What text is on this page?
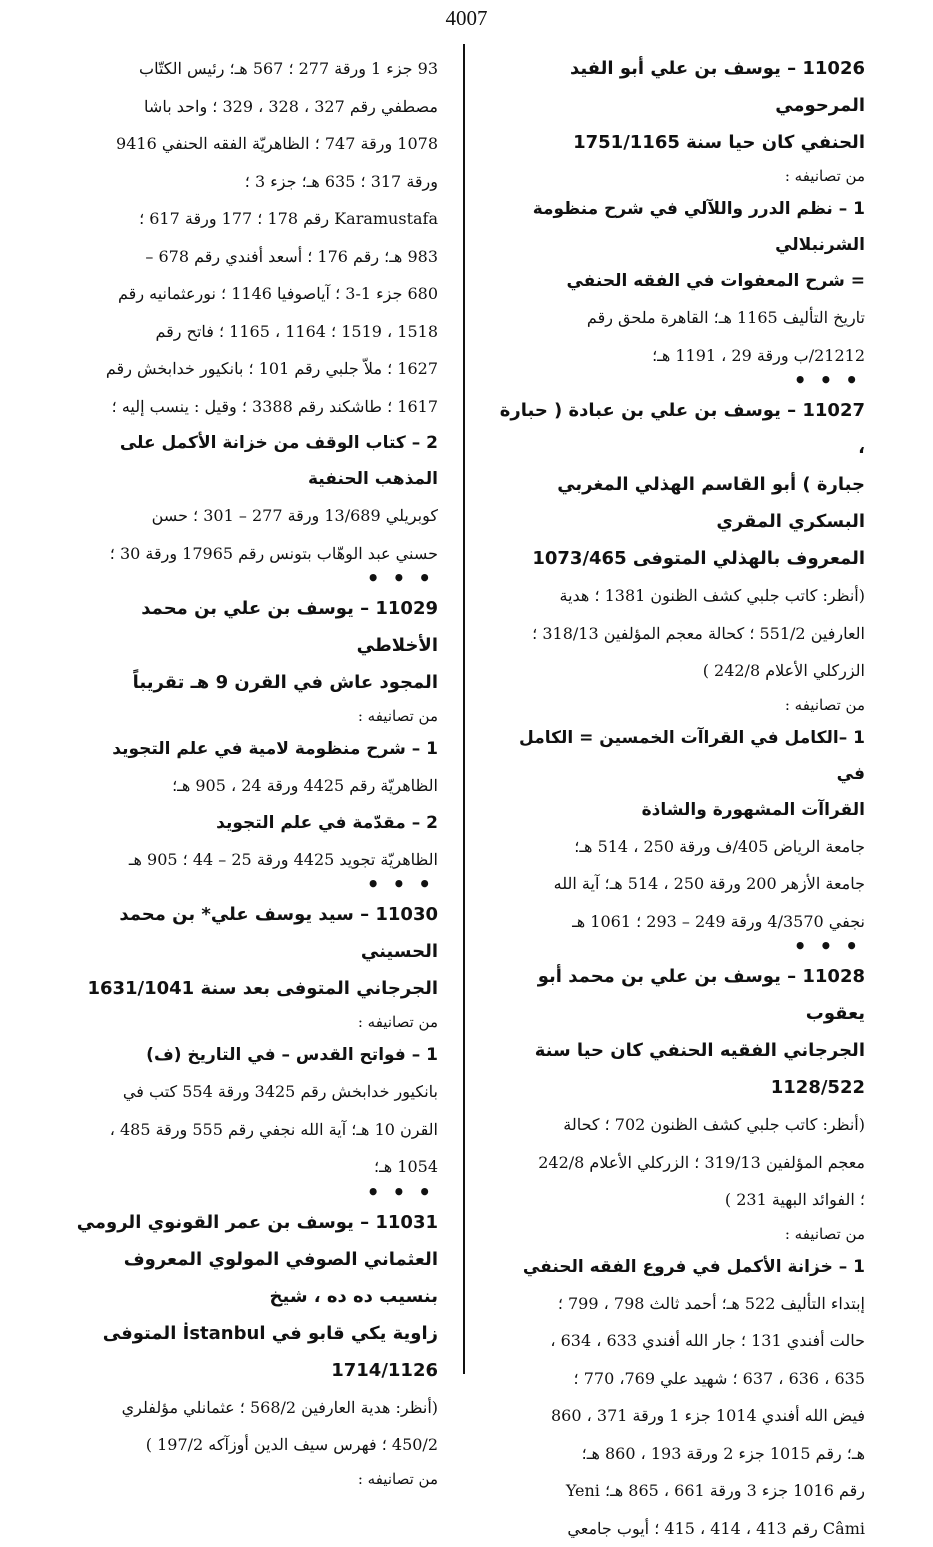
4007

11026 – يوسف بن علي أبو الفيد المرحومي

الحنفي كان حيا سنة 1751/1165

من تصانيفه :

1 – نظم الدرر واللآلي في شرح منظومة الشرنبلالي

= شرح المعفوات في الفقه الحنفي

تاريخ التأليف 1165 هـ؛ القاهرة ملحق رقم

21212/ب ورقة 29 ، 1191 هـ؛

• • •

11027 – يوسف بن علي بن عبادة ( حبارة ،

جبارة ) أبو القاسم الهذلي المغربي البسكري المقري

المعروف بالهذلي المتوفى 1073/465

(أنظر: كاتب جلبي كشف الظنون 1381 ؛ هدية

العارفين 551/2 ؛ كحالة معجم المؤلفين 318/13 ؛

الزركلي الأعلام 242/8 )

من تصانيفه :

1 –الكامل في القراآت الخمسين = الكامل في

القراآت المشهورة والشاذة

جامعة الرياض 405/ف ورقة 250 ، 514 هـ؛

جامعة الأزهر 200 ورقة 250 ، 514 هـ؛ آية الله

نجفي 4/3570 ورقة 249 – 293 ؛ 1061 هـ

• • •

11028 – يوسف بن علي بن محمد أبو يعقوب

الجرجاني الفقيه الحنفي كان حيا سنة 1128/522

(أنظر: كاتب جلبي كشف الظنون 702 ؛ كحالة

معجم المؤلفين 319/13 ؛ الزركلي الأعلام 242/8

؛ الفوائد البهية 231 )

من تصانيفه :

1 – خزانة الأكمل في فروع الفقه الحنفي

إبتداء التأليف 522 هـ؛ أحمد ثالث 798 ، 799 ؛

حالت أفندي 131 ؛ جار الله أفندي 633 ، 634 ،

635 ، 636 ، 637 ؛ شهيد علي 769، 770 ؛

فيض الله أفندي 1014 جزء 1 ورقة 371 ، 860

هـ؛ رقم 1015 جزء 2 ورقة 193 ، 860 هـ؛

رقم 1016 جزء 3 ورقة 661 ، 865 هـ؛ Yeni

Câmi رقم 413 ، 414 ، 415 ؛ أيوب جامعي

93 جزء 1 ورقة 277 ؛ 567 هـ؛ رئيس الكتّاب

مصطفي رقم 327 ، 328 ، 329 ؛ واحد باشا

1078 ورقة 747 ؛ الظاهريّة الفقه الحنفي 9416

ورقة 317 ؛ 635 هـ؛ جزء 3 ؛

Karamustafa رقم 178 ؛ 177 ورقة 617 ؛

983 هـ؛ رقم 176 ؛ أسعد أفندي رقم 678 –

680 جزء 1-3 ؛ آياصوفيا 1146 ؛ نورعثمانيه رقم

1518 ، 1519 ؛ 1164 ، 1165 ؛ فاتح رقم

1627 ؛ ملاّ جلبي رقم 101 ؛ بانكيور خدابخش رقم

1617 ؛ طاشكند رقم 3388 ؛ وقيل : ينسب إليه ؛

2 – كتاب الوقف من خزانة الأكمل على المذهب الحنفية

كوبريلي 13/689 ورقة 277 – 301 ؛ حسن

حسني عبد الوهّاب بتونس رقم 17965 ورقة 30 ؛

• • •

11029 – يوسف بن علي بن محمد الأخلاطي

المجود عاش في القرن 9 هـ تقريباً

من تصانيفه :

1 – شرح منظومة لامية في علم التجويد

الظاهريّة رقم 4425 ورقة 24 ، 905 هـ؛

2 – مقدّمة في علم التجويد

الظاهريّة تجويد 4425 ورقة 25 – 44 ؛ 905 هـ

• • •

11030 – سيد يوسف علي* بن محمد الحسيني

الجرجاني المتوفى بعد سنة 1631/1041

من تصانيفه :

1 – فواتح القدس – في التاريخ (ف)

بانكيور خدابخش رقم 3425 ورقة 554 كتب في

القرن 10 هـ؛ آية الله نجفي رقم 555 ورقة 485 ،

1054 هـ؛

• • •

11031 – يوسف بن عمر القونوي الرومي

العثماني الصوفي المولوي المعروف بنسيب ده ده ، شيخ

زاوية يكي قابو في İstanbul المتوفى 1714/1126

(أنظر: هدية العارفين 568/2 ؛ عثمانلي مؤلفلري

450/2 ؛ فهرس سيف الدين أوزآكه 197/2 )

من تصانيفه :
